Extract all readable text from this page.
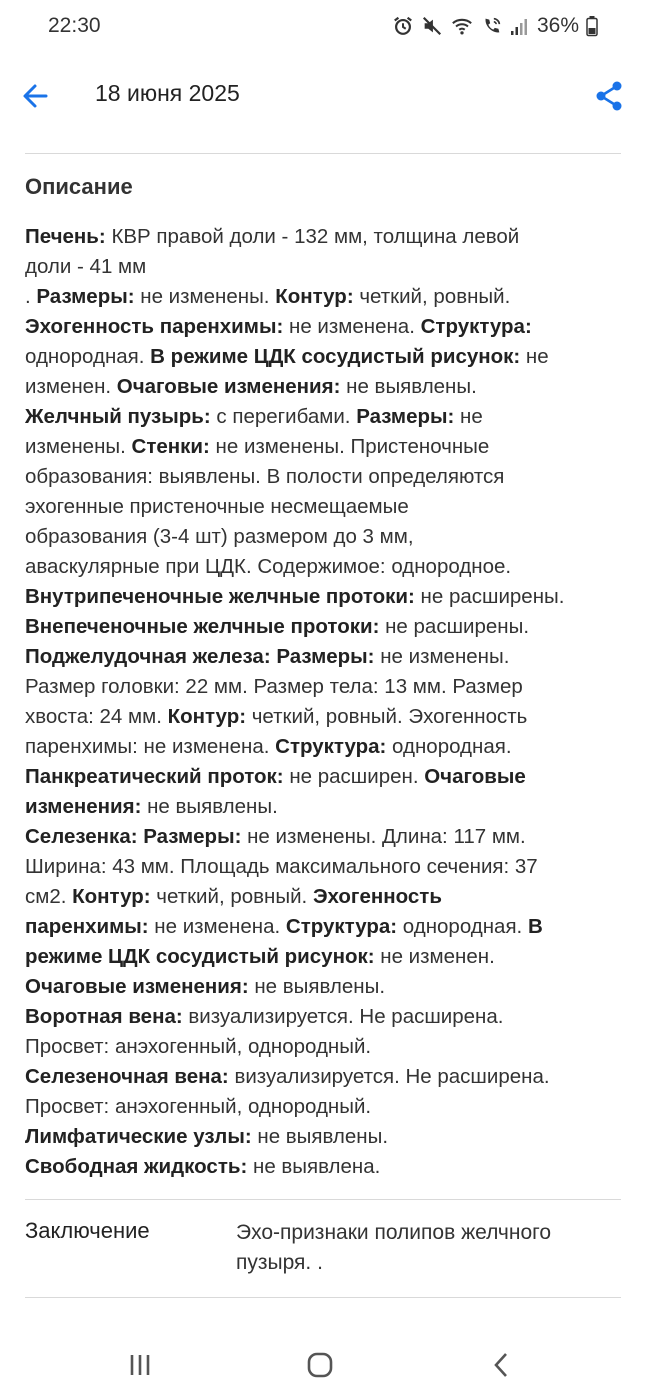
22:30	36%
18 июня 2025
Описание
Печень: КВР правой доли - 132 мм, толщина левой
доли - 41 мм
. Размеры: не изменены. Контур: четкий, ровный.
Эхогенность паренхимы: не изменена. Структура:
однородная. В режиме ЦДК сосудистый рисунок: не
изменен. Очаговые изменения: не выявлены.
Желчный пузырь: с перегибами. Размеры: не
изменены. Стенки: не изменены. Пристеночные
образования: выявлены. В полости определяются
эхогенные пристеночные несмещаемые
образования (3-4 шт) размером до 3 мм,
аваскулярные при ЦДК. Содержимое: однородное.
Внутрипеченочные желчные протоки: не расширены.
Внепеченочные желчные протоки: не расширены.
Поджелудочная железа: Размеры: не изменены.
Размер головки: 22 мм. Размер тела: 13 мм. Размер
хвоста: 24 мм. Контур: четкий, ровный. Эхогенность
паренхимы: не изменена. Структура: однородная.
Панкреатический проток: не расширен. Очаговые
изменения: не выявлены.
Селезенка: Размеры: не изменены. Длина: 117 мм.
Ширина: 43 мм. Площадь максимального сечения: 37
см2. Контур: четкий, ровный. Эхогенность
паренхимы: не изменена. Структура: однородная. В
режиме ЦДК сосудистый рисунок: не изменен.
Очаговые изменения: не выявлены.
Воротная вена: визуализируется. Не расширена.
Просвет: анэхогенный, однородный.
Селезеночная вена: визуализируется. Не расширена.
Просвет: анэхогенный, однородный.
Лимфатические узлы: не выявлены.
Свободная жидкость: не выявлена.
Заключение	Эхо-признаки полипов желчного пузыря. .
